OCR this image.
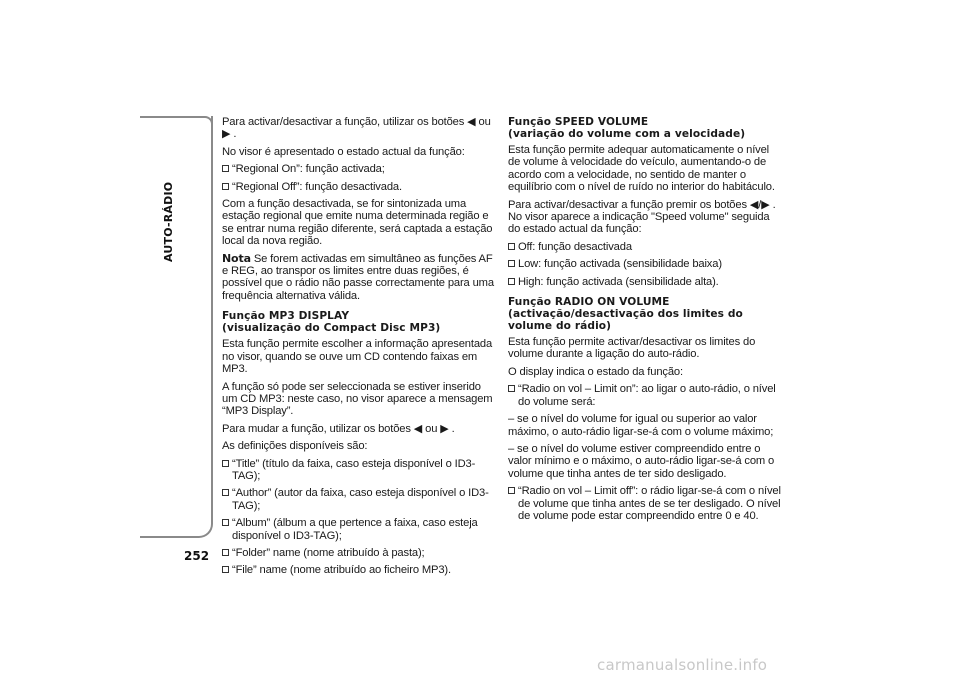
AUTO-RÁDIO
252

Para activar/desactivar a função, utilizar os botões ◀ ou ▶ .

No visor é apresentado o estado actual da função:

“Regional On”: função activada;

“Regional Off”: função desactivada.

Com a função desactivada, se for sintonizada uma estação regional que emite numa determinada região e se entrar numa região diferente, será captada a estação local da nova região.

Nota Se forem activadas em simultâneo as funções AF e REG, ao transpor os limites entre duas regiões, é possível que o rádio não passe correctamente para uma frequência alternativa válida.

Função MP3 DISPLAY
(visualização do Compact Disc MP3)

Esta função permite escolher a informação apresentada no visor, quando se ouve um CD contendo faixas em MP3.

A função só pode ser seleccionada se estiver inserido um CD MP3: neste caso, no visor aparece a mensagem “MP3 Display”.

Para mudar a função, utilizar os botões ◀ ou ▶ .

As definições disponíveis são:

“Title” (título da faixa, caso esteja disponível o ID3-TAG);

“Author” (autor da faixa, caso esteja disponível o ID3-TAG);

“Album” (álbum a que pertence a faixa, caso esteja disponível o ID3-TAG);

“Folder” name (nome atribuído à pasta);

“File” name (nome atribuído ao ficheiro MP3).

Função SPEED VOLUME
(variação do volume com a velocidade)

Esta função permite adequar automaticamente o nível de volume à velocidade do veículo, aumentando-o de acordo com a velocidade, no sentido de manter o equilíbrio com o nível de ruído no interior do habitáculo.

Para activar/desactivar a função premir os botões ◀/▶ . No visor aparece a indicação "Speed volume" seguida do estado actual da função:

Off: função desactivada

Low: função activada (sensibilidade baixa)

High: função activada (sensibilidade alta).

Função RADIO ON VOLUME
(activação/desactivação dos limites do volume do rádio)

Esta função permite activar/desactivar os limites do volume durante a ligação do auto-rádio.

O display indica o estado da função:

“Radio on vol – Limit on”: ao ligar o auto-rádio, o nível do volume será:

– se o nível do volume for igual ou superior ao valor máximo, o auto-rádio ligar-se-á com o volume máximo;

– se o nível do volume estiver compreendido entre o valor mínimo e o máximo, o auto-rádio ligar-se-á com o volume que tinha antes de ter sido desligado.

“Radio on vol – Limit off”: o rádio ligar-se-á com o nível de volume que tinha antes de se ter desligado. O nível de volume pode estar compreendido entre 0 e 40.

carmanualsonline.info
